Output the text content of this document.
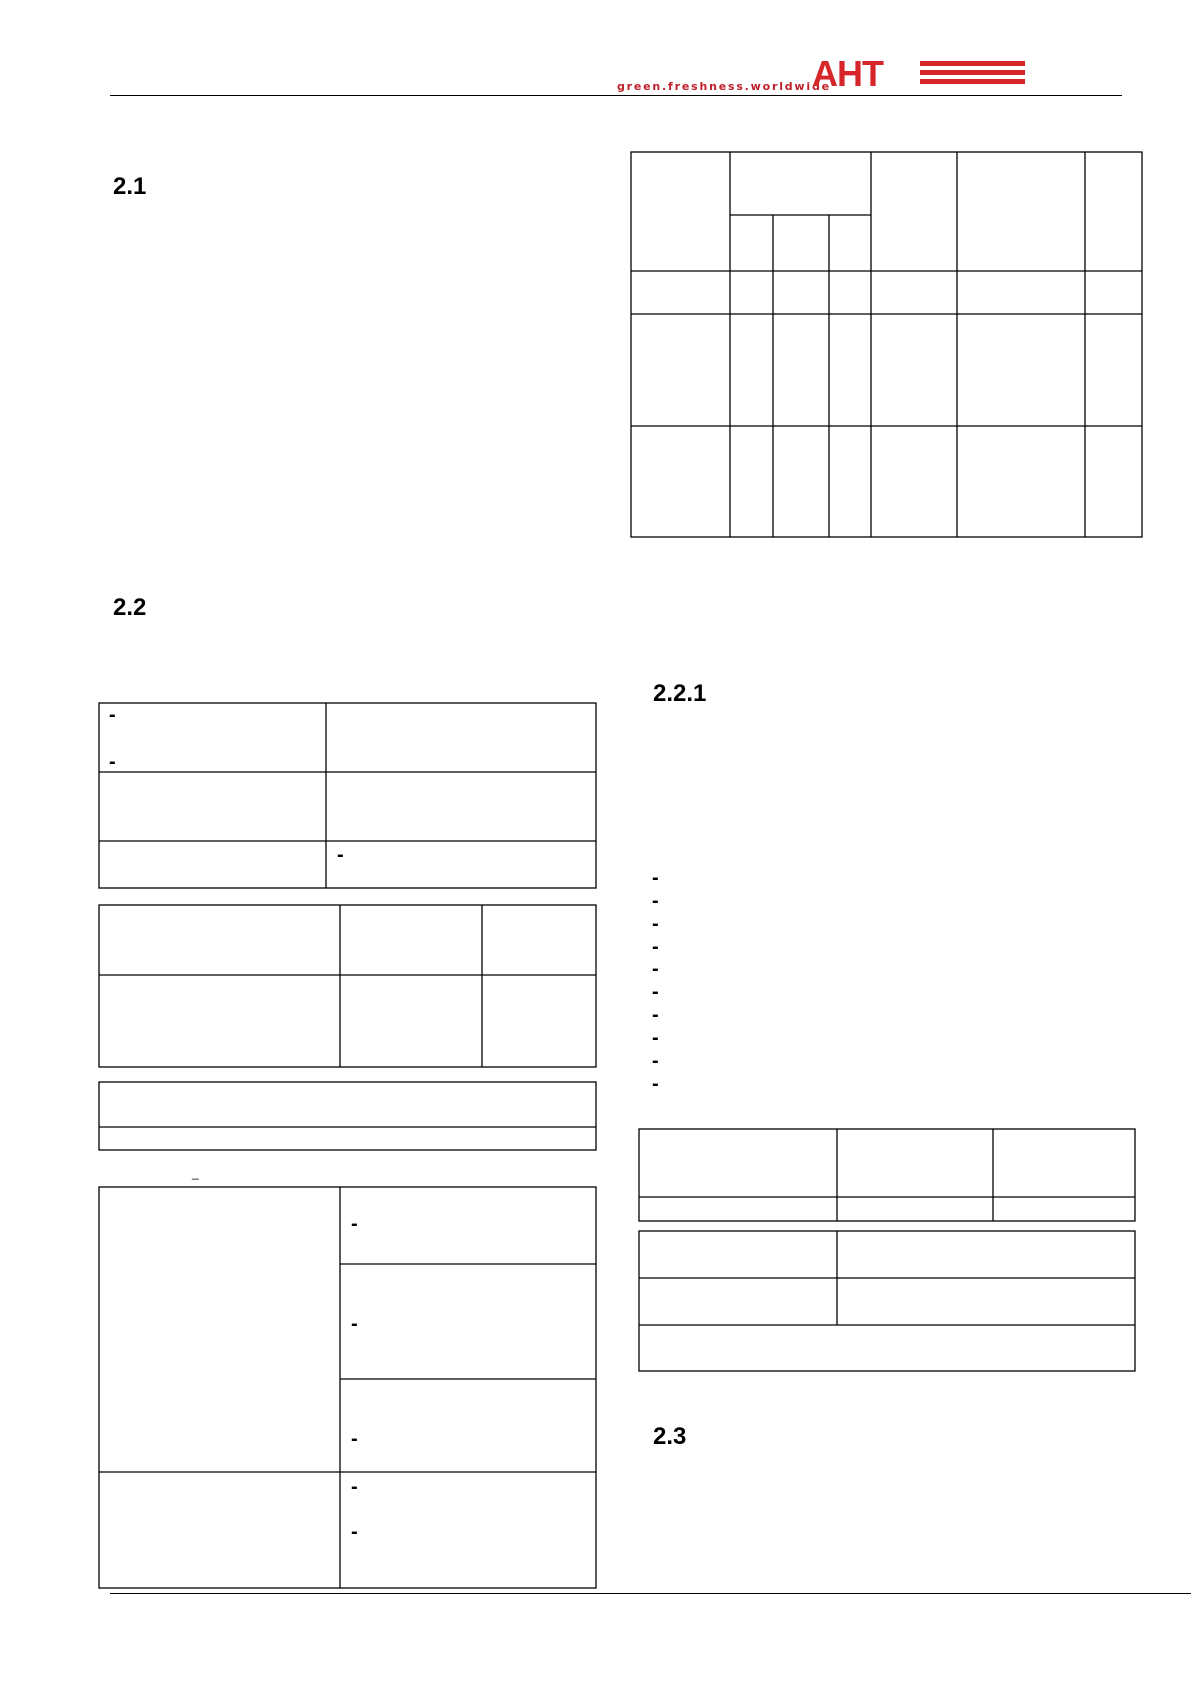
green.freshness.worldwide
AHT
2.1
2.2
2.2.1
2.3
-
-
-
_
-
-
-
-
-
-
-
-
-
-
-
-
-
-
-
